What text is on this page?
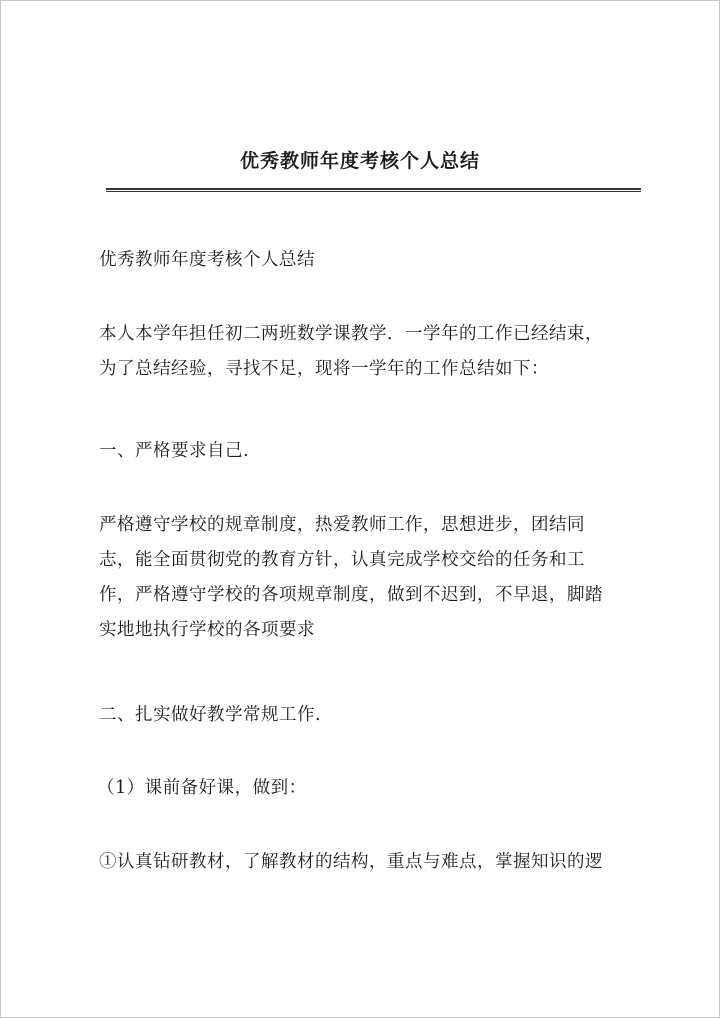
优秀教师年度考核个人总结

优秀教师年度考核个人总结

本人本学年担任初二两班数学课教学．一学年的工作已经结束，
为了总结经验，寻找不足，现将一学年的工作总结如下：

一、严格要求自己.

严格遵守学校的规章制度，热爱教师工作，思想进步，团结同
志，能全面贯彻党的教育方针，认真完成学校交给的任务和工
作，严格遵守学校的各项规章制度，做到不迟到，不早退，脚踏
实地地执行学校的各项要求

二、扎实做好教学常规工作.

（1）课前备好课，做到：

①认真钻研教材，了解教材的结构，重点与难点，掌握知识的逻
